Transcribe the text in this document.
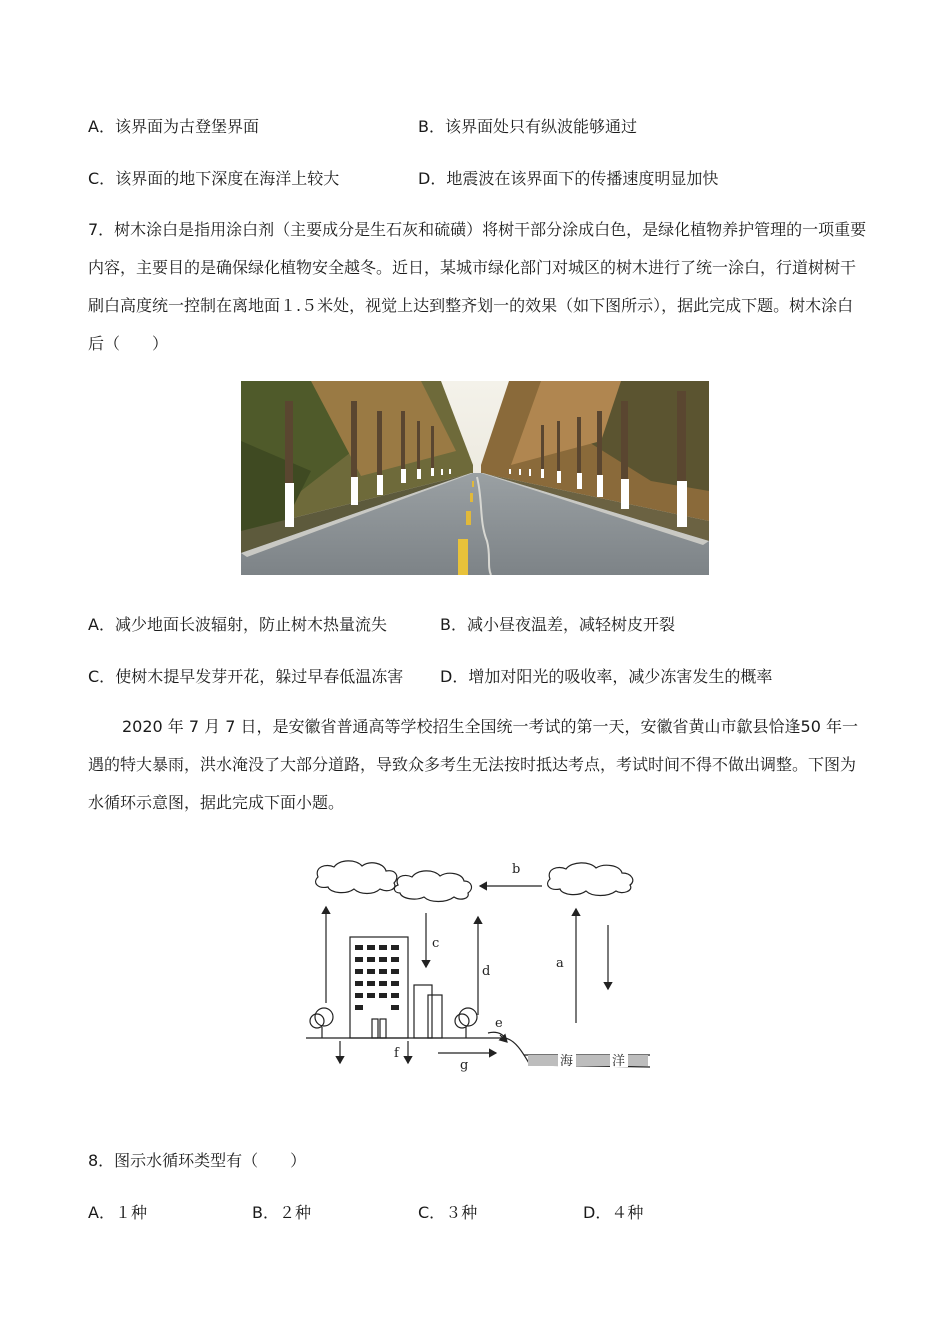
A．该界面为古登堡界面	B．该界面处只有纵波能够通过
C．该界面的地下深度在海洋上较大	D．地震波在该界面下的传播速度明显加快

7．树木涂白是指用涂白剂（主要成分是生石灰和硫磺）将树干部分涂成白色，是绿化植物养护管理的一项重要内容，主要目的是确保绿化植物安全越冬。近日，某城市绿化部门对城区的树木进行了统一涂白，行道树树干刷白高度统一控制在离地面１.５米处，视觉上达到整齐划一的效果（如下图所示），据此完成下题。树木涂白后（　　）

A．减少地面长波辐射，防止树木热量流失	B．减小昼夜温差，减轻树皮开裂
C．使树木提早发芽开花，躲过早春低温冻害 D．增加对阳光的吸收率，减少冻害发生的概率

2020 年 7 月 7 日，是安徽省普通高等学校招生全国统一考试的第一天，安徽省黄山市歙县恰逢50 年一遇的特大暴雨，洪水淹没了大部分道路，导致众多考生无法按时抵达考点，考试时间不得不做出调整。下图为水循环示意图，据此完成下面小题。

b
c
d
a
e
f
g	海	洋
8．图示水循环类型有（　　）
A．１种	B．２种	C．３种	D．４种
